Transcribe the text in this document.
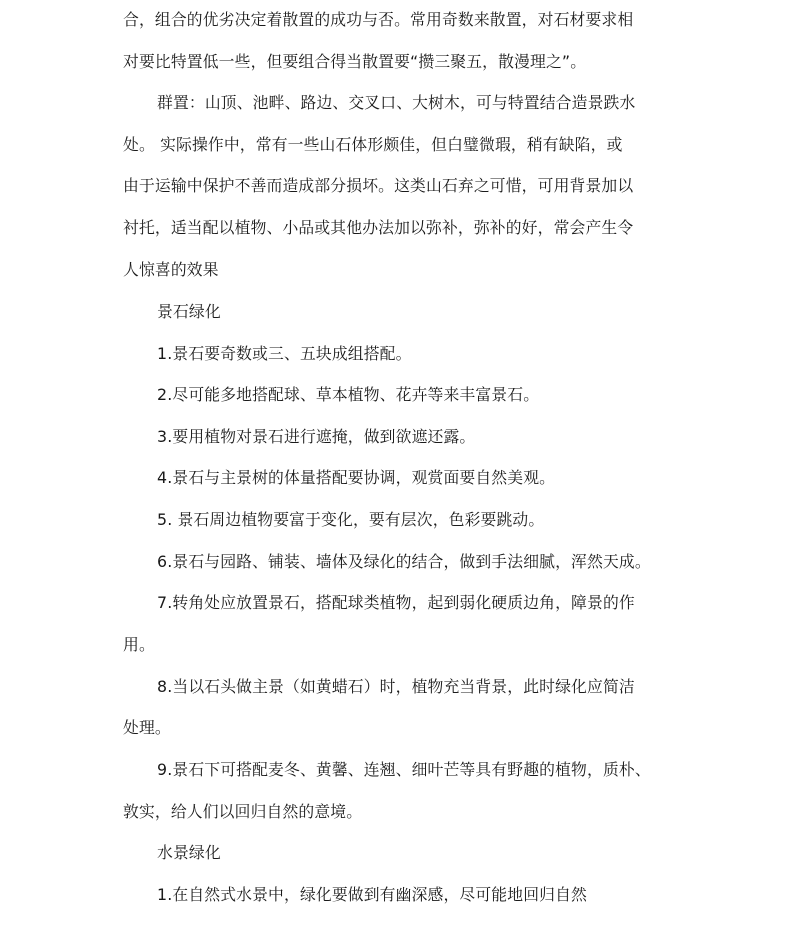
合，组合的优劣决定着散置的成功与否。常用奇数来散置，对石材要求相
对要比特置低一些，但要组合得当散置要“攒三聚五，散漫理之”。
群置：山顶、池畔、路边、交叉口、大树木，可与特置结合造景跌水
处。 实际操作中，常有一些山石体形颇佳，但白璧微瑕，稍有缺陷，或
由于运输中保护不善而造成部分损坏。这类山石弃之可惜，可用背景加以
衬托，适当配以植物、小品或其他办法加以弥补，弥补的好，常会产生令
人惊喜的效果
景石绿化
1.景石要奇数或三、五块成组搭配。
2.尽可能多地搭配球、草本植物、花卉等来丰富景石。
3.要用植物对景石进行遮掩，做到欲遮还露。
4.景石与主景树的体量搭配要协调，观赏面要自然美观。
5. 景石周边植物要富于变化，要有层次，色彩要跳动。
6.景石与园路、铺装、墙体及绿化的结合，做到手法细腻，浑然天成。
7.转角处应放置景石，搭配球类植物，起到弱化硬质边角，障景的作
用。
8.当以石头做主景（如黄蜡石）时，植物充当背景，此时绿化应简洁
处理。
9.景石下可搭配麦冬、黄馨、连翘、细叶芒等具有野趣的植物，质朴、
敦实，给人们以回归自然的意境。
水景绿化
1.在自然式水景中，绿化要做到有幽深感，尽可能地回归自然
